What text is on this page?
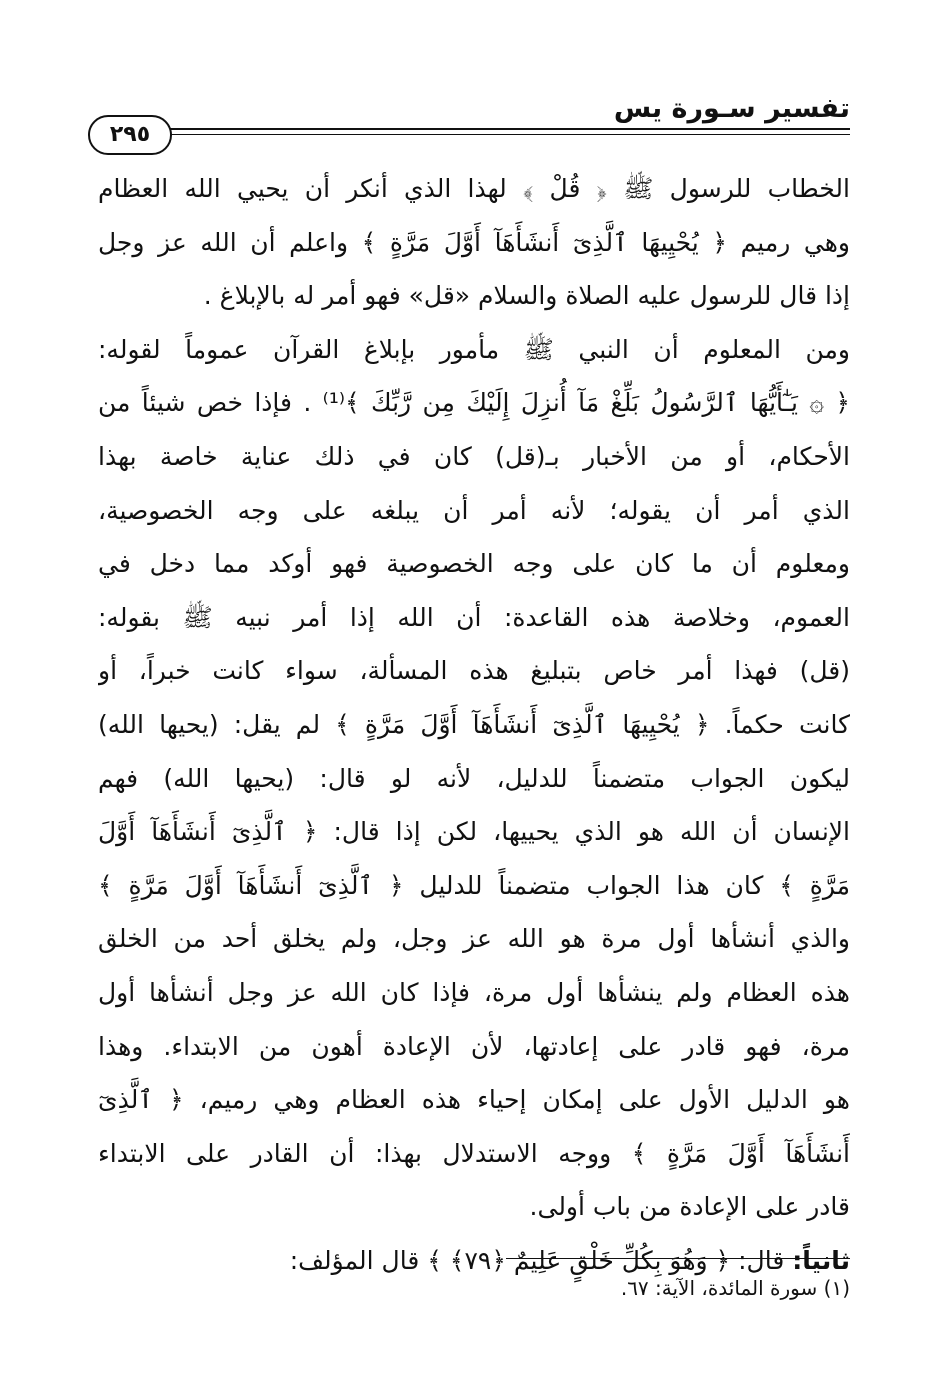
تفسير سـورة يس
٢٩٥
الخطاب للرسول ﷺ ﴿ قُلْ ﴾ لهذا الذي أنكر أن يحيي الله العظام
وهي رميم ﴿ يُحْيِيهَا ٱلَّذِىٓ أَنشَأَهَآ أَوَّلَ مَرَّةٍ ﴾ واعلم أن الله عز وجل
إذا قال للرسول عليه الصلاة والسلام «قل» فهو أمر له بالإبلاغ .
ومن المعلوم أن النبي ﷺ مأمور بإبلاغ القرآن عموماً لقوله:
﴿ ۞ يَـٰٓأَيُّهَا ٱلرَّسُولُ بَلِّغْ مَآ أُنزِلَ إِلَيْكَ مِن رَّبِّكَ ﴾⁽¹⁾ . فإذا خص شيئاً من
الأحكام، أو من الأخبار بـ(قل) كان في ذلك عناية خاصة بهذا
الذي أمر أن يقوله؛ لأنه أمر أن يبلغه على وجه الخصوصية،
ومعلوم أن ما كان على وجه الخصوصية فهو أوكد مما دخل في
العموم، وخلاصة هذه القاعدة: أن الله إذا أمر نبيه ﷺ بقوله:
(قل) فهذا أمر خاص بتبليغ هذه المسألة، سواء كانت خبراً، أو
كانت حكماً. ﴿ يُحْيِيهَا ٱلَّذِىٓ أَنشَأَهَآ أَوَّلَ مَرَّةٍ ﴾ لم يقل: (يحيها الله)
ليكون الجواب متضمناً للدليل، لأنه لو قال: (يحيها الله) فهم
الإنسان أن الله هو الذي يحييها، لكن إذا قال: ﴿ ٱلَّذِىٓ أَنشَأَهَآ أَوَّلَ
مَرَّةٍ ﴾ كان هذا الجواب متضمناً للدليل ﴿ ٱلَّذِىٓ أَنشَأَهَآ أَوَّلَ مَرَّةٍ ﴾
والذي أنشأها أول مرة هو الله عز وجل، ولم يخلق أحد من الخلق
هذه العظام ولم ينشأها أول مرة، فإذا كان الله عز وجل أنشأها أول
مرة، فهو قادر على إعادتها، لأن الإعادة أهون من الابتداء. وهذا
هو الدليل الأول على إمكان إحياء هذه العظام وهي رميم، ﴿ ٱلَّذِىٓ
أَنشَأَهَآ أَوَّلَ مَرَّةٍ ﴾ ووجه الاستدلال بهذا: أن القادر على الابتداء
قادر على الإعادة من باب أولى.
ثانياً: قال: ﴿ وَهُوَ بِكُلِّ خَلْقٍ عَلِيمٌ ﴿٧٩﴾ ﴾ قال المؤلف:
(١) سورة المائدة، الآية: ٦٧.
